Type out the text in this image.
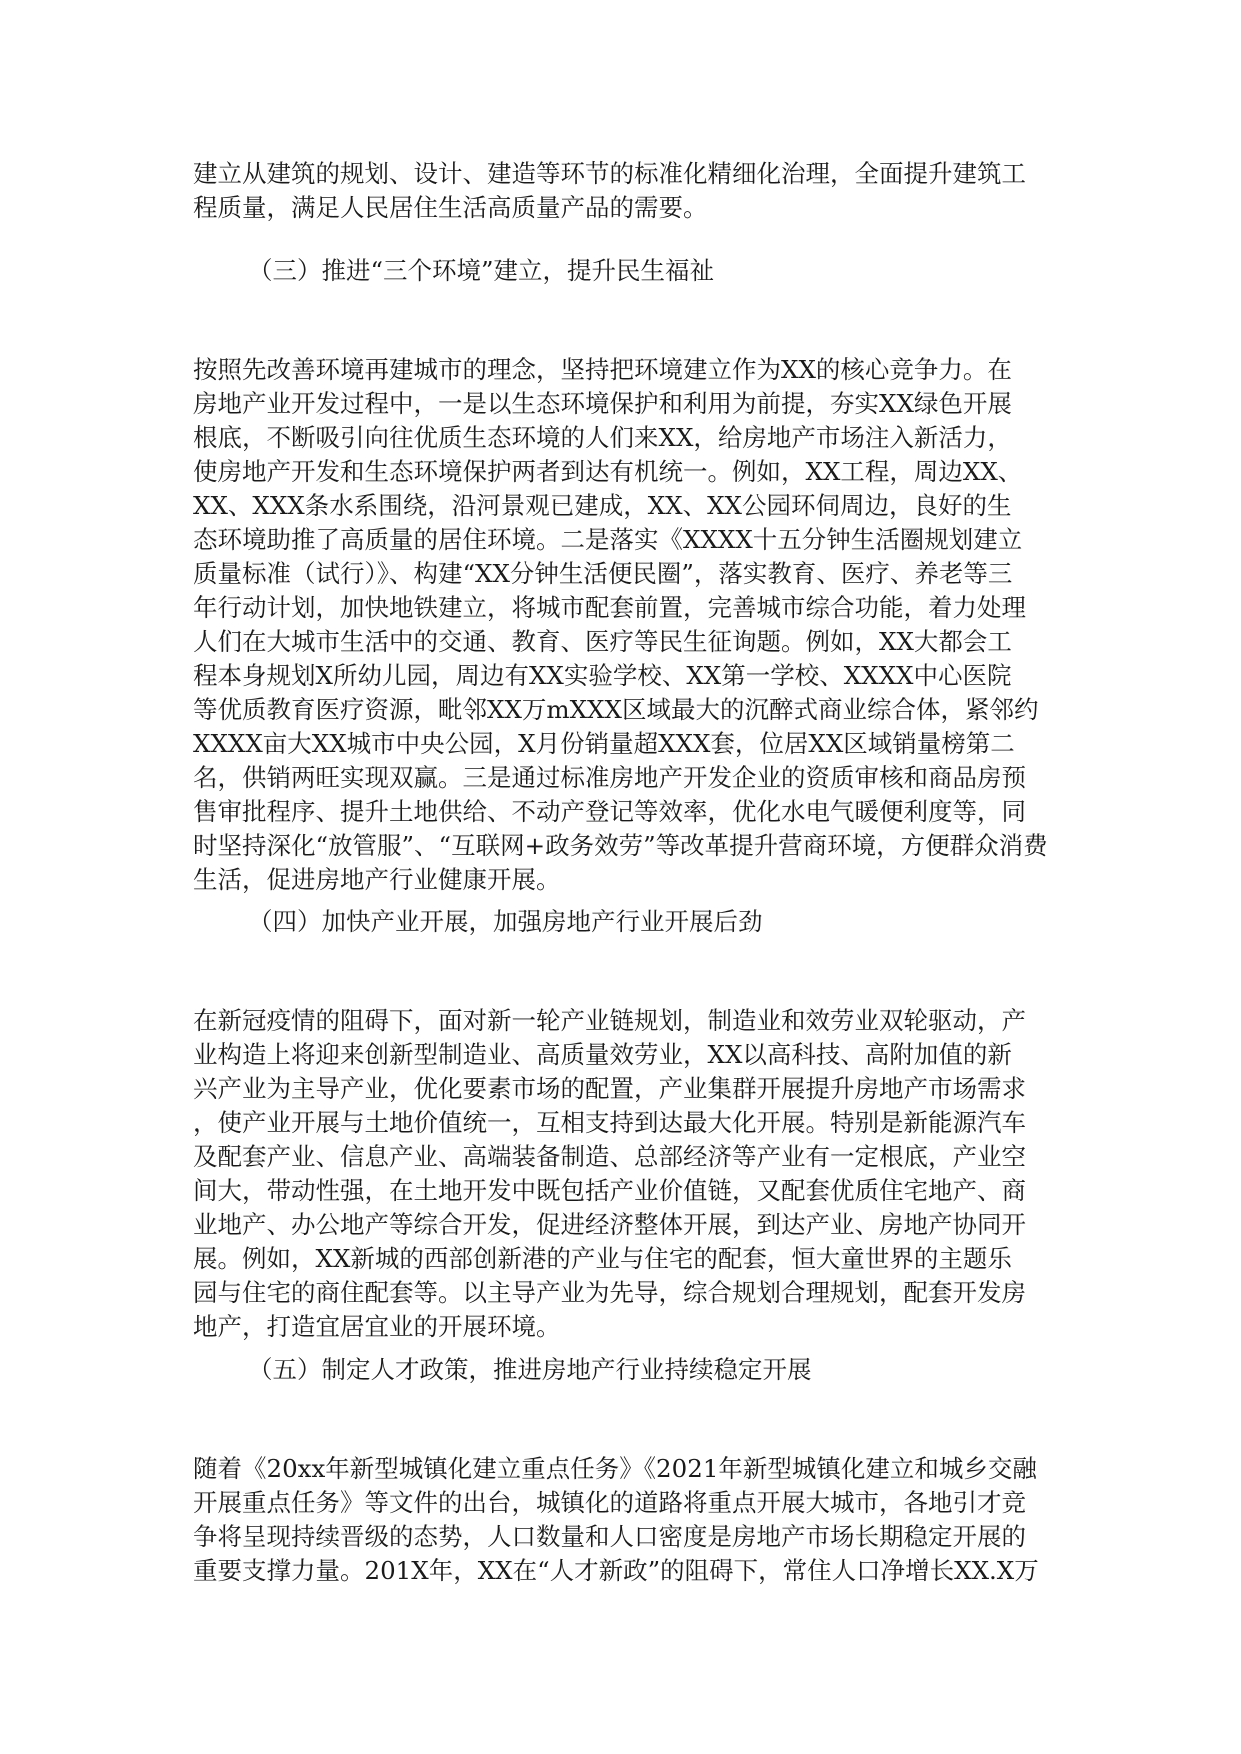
建立从建筑的规划、设计、建造等环节的标准化精细化治理，全面提升建筑工
程质量，满足人民居住生活高质量产品的需要。
（三）推进“三个环境”建立，提升民生福祉
按照先改善环境再建城市的理念，坚持把环境建立作为XX的核心竞争力。在
房地产业开发过程中，一是以生态环境保护和利用为前提，夯实XX绿色开展
根底，不断吸引向往优质生态环境的人们来XX，给房地产市场注入新活力，
使房地产开发和生态环境保护两者到达有机统一。例如，XX工程，周边XX、
XX、XXX条水系围绕，沿河景观已建成，XX、XX公园环伺周边，良好的生
态环境助推了高质量的居住环境。二是落实《XXXX十五分钟生活圈规划建立
质量标准（试行）》、构建“XX分钟生活便民圈”，落实教育、医疗、养老等三
年行动计划，加快地铁建立，将城市配套前置，完善城市综合功能，着力处理
人们在大城市生活中的交通、教育、医疗等民生征询题。例如，XX大都会工
程本身规划X所幼儿园，周边有XX实验学校、XX第一学校、XXXX中心医院
等优质教育医疗资源，毗邻XX万mXXX区域最大的沉醉式商业综合体，紧邻约
XXXX亩大XX城市中央公园，X月份销量超XXX套，位居XX区域销量榜第二
名，供销两旺实现双赢。三是通过标准房地产开发企业的资质审核和商品房预
售审批程序、提升土地供给、不动产登记等效率，优化水电气暖便利度等，同
时坚持深化“放管服”、“互联网+政务效劳”等改革提升营商环境，方便群众消费
生活，促进房地产行业健康开展。
（四）加快产业开展，加强房地产行业开展后劲
在新冠疫情的阻碍下，面对新一轮产业链规划，制造业和效劳业双轮驱动，产
业构造上将迎来创新型制造业、高质量效劳业，XX以高科技、高附加值的新
兴产业为主导产业，优化要素市场的配置，产业集群开展提升房地产市场需求
，使产业开展与土地价值统一，互相支持到达最大化开展。特别是新能源汽车
及配套产业、信息产业、高端装备制造、总部经济等产业有一定根底，产业空
间大，带动性强，在土地开发中既包括产业价值链，又配套优质住宅地产、商
业地产、办公地产等综合开发，促进经济整体开展，到达产业、房地产协同开
展。例如，XX新城的西部创新港的产业与住宅的配套，恒大童世界的主题乐
园与住宅的商住配套等。以主导产业为先导，综合规划合理规划，配套开发房
地产，打造宜居宜业的开展环境。
（五）制定人才政策，推进房地产行业持续稳定开展
随着《20xx年新型城镇化建立重点任务》《2021年新型城镇化建立和城乡交融
开展重点任务》等文件的出台，城镇化的道路将重点开展大城市，各地引才竞
争将呈现持续晋级的态势，人口数量和人口密度是房地产市场长期稳定开展的
重要支撑力量。201X年，XX在“人才新政”的阻碍下，常住人口净增长XX.X万
